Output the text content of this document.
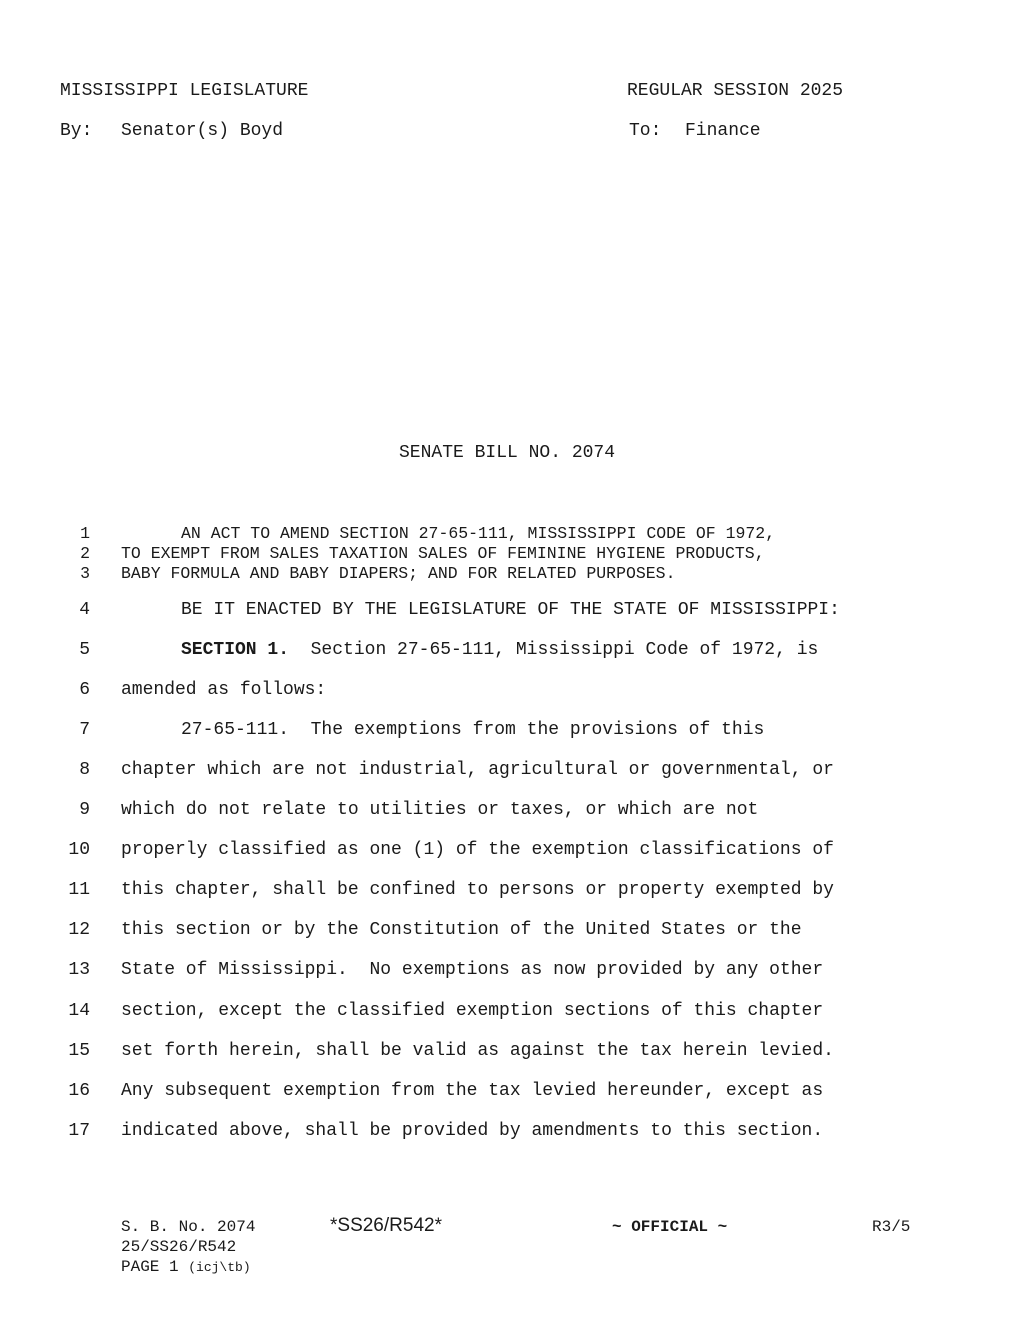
MISSISSIPPI LEGISLATURE	REGULAR SESSION 2025
By: Senator(s) Boyd	To: Finance
SENATE BILL NO. 2074
1	AN ACT TO AMEND SECTION 27-65-111, MISSISSIPPI CODE OF 1972,
2 TO EXEMPT FROM SALES TAXATION SALES OF FEMININE HYGIENE PRODUCTS,
3 BABY FORMULA AND BABY DIAPERS; AND FOR RELATED PURPOSES.
4	BE IT ENACTED BY THE LEGISLATURE OF THE STATE OF MISSISSIPPI:
5	SECTION 1.  Section 27-65-111, Mississippi Code of 1972, is
6 amended as follows:
7	27-65-111.  The exemptions from the provisions of this
8 chapter which are not industrial, agricultural or governmental, or
9 which do not relate to utilities or taxes, or which are not
10 properly classified as one (1) of the exemption classifications of
11 this chapter, shall be confined to persons or property exempted by
12 this section or by the Constitution of the United States or the
13 State of Mississippi.  No exemptions as now provided by any other
14 section, except the classified exemption sections of this chapter
15 set forth herein, shall be valid as against the tax herein levied.
16 Any subsequent exemption from the tax levied hereunder, except as
17 indicated above, shall be provided by amendments to this section.
S. B. No. 2074	*SS26/R542*	~ OFFICIAL ~	R3/5
25/SS26/R542
PAGE 1 (icj\tb)
